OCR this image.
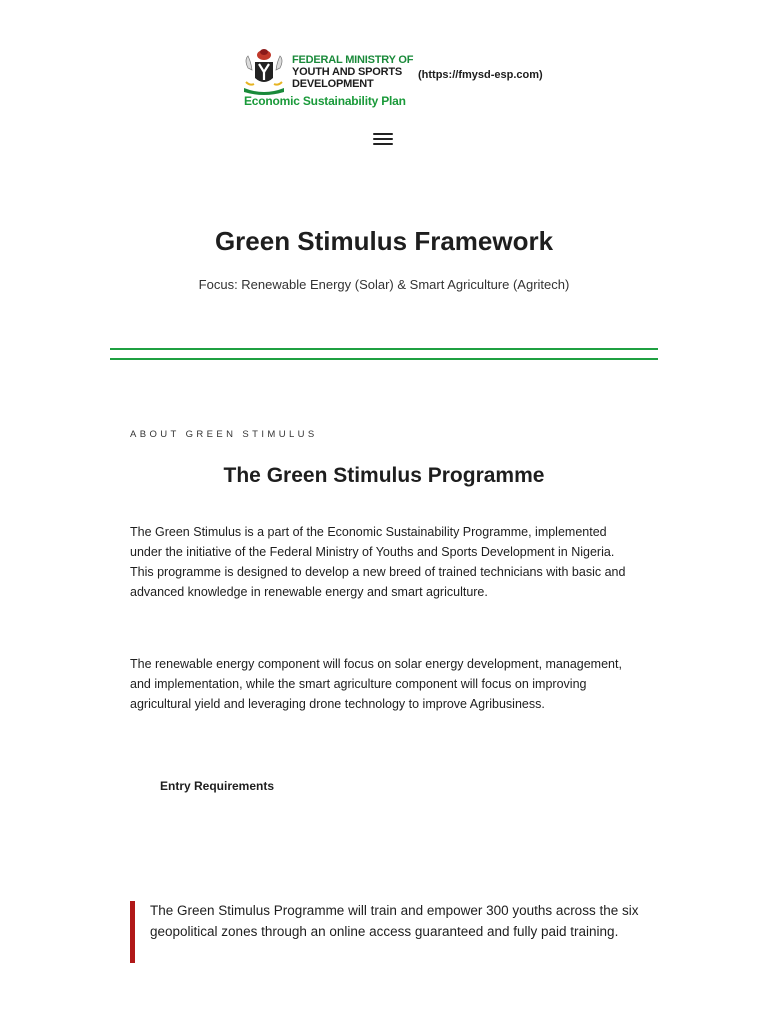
FEDERAL MINISTRY OF
YOUTH AND SPORTS
DEVELOPMENT
Economic Sustainability Plan
(https://fmysd-esp.com)
Green Stimulus Framework

Focus: Renewable Energy (Solar) & Smart Agriculture (Agritech)

ABOUT GREEN STIMULUS
The Green Stimulus Programme

The Green Stimulus is a part of the Economic Sustainability Programme, implemented under the initiative of the Federal Ministry of Youths and Sports Development in Nigeria. This programme is designed to develop a new breed of trained technicians with basic and advanced knowledge in renewable energy and smart agriculture.

The renewable energy component will focus on solar energy development, management, and implementation, while the smart agriculture component will focus on improving agricultural yield and leveraging drone technology to improve Agribusiness.

Entry Requirements
The Green Stimulus Programme will train and empower 300 youths across the six geopolitical zones through an online access guaranteed and fully paid training.
